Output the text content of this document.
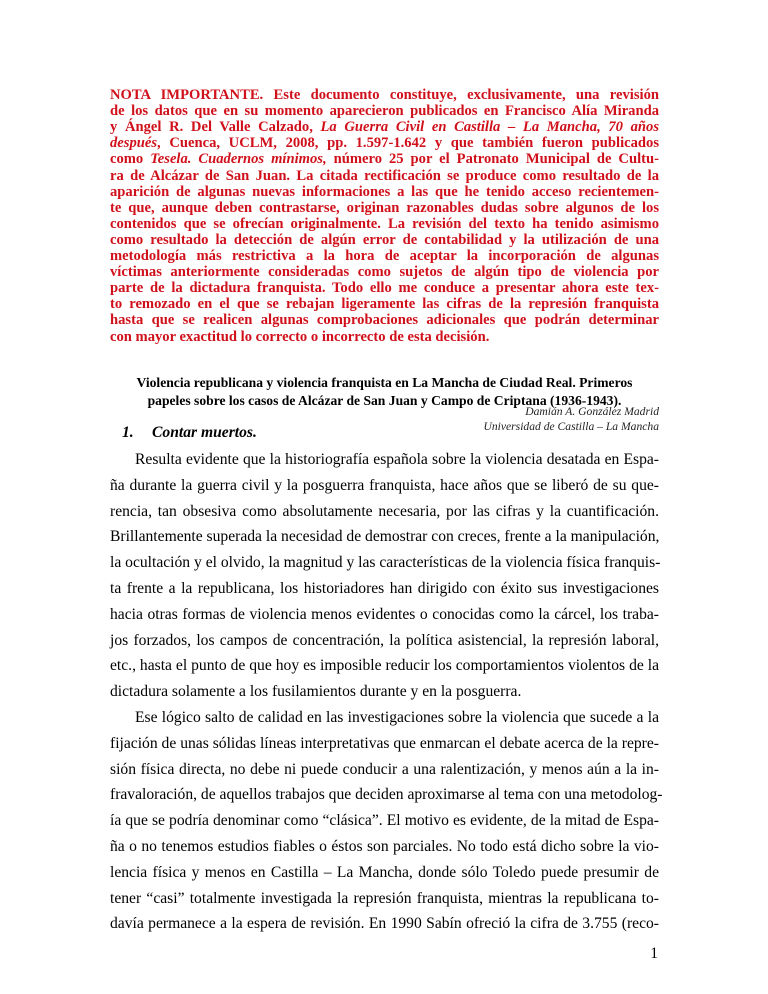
NOTA IMPORTANTE. Este documento constituye, exclusivamente, una revisión
de los datos que en su momento aparecieron publicados en Francisco Alía Miranda
y Ángel R. Del Valle Calzado, La Guerra Civil en Castilla – La Mancha, 70 años
después, Cuenca, UCLM, 2008, pp. 1.597-1.642 y que también fueron publicados
como Tesela. Cuadernos mínimos, número 25 por el Patronato Municipal de Cultu-
ra de Alcázar de San Juan. La citada rectificación se produce como resultado de la
aparición de algunas nuevas informaciones a las que he tenido acceso recientemen-
te que, aunque deben contrastarse, originan razonables dudas sobre algunos de los
contenidos que se ofrecían originalmente. La revisión del texto ha tenido asimismo
como resultado la detección de algún error de contabilidad y la utilización de una
metodología más restrictiva a la hora de aceptar la incorporación de algunas
víctimas anteriormente consideradas como sujetos de algún tipo de violencia por
parte de la dictadura franquista. Todo ello me conduce a presentar ahora este tex-
to remozado en el que se rebajan ligeramente las cifras de la represión franquista
hasta que se realicen algunas comprobaciones adicionales que podrán determinar
con mayor exactitud lo correcto o incorrecto de esta decisión.
Violencia republicana y violencia franquista en La Mancha de Ciudad Real. Primeros
papeles sobre los casos de Alcázar de San Juan y Campo de Criptana (1936-1943).
Damián A. González Madrid
Universidad de Castilla – La Mancha
1. Contar muertos.
Resulta evidente que la historiografía española sobre la violencia desatada en Espa-
ña durante la guerra civil y la posguerra franquista, hace años que se liberó de su que-
rencia, tan obsesiva como absolutamente necesaria, por las cifras y la cuantificación.
Brillantemente superada la necesidad de demostrar con creces, frente a la manipulación,
la ocultación y el olvido, la magnitud y las características de la violencia física franquis-
ta frente a la republicana, los historiadores han dirigido con éxito sus investigaciones
hacia otras formas de violencia menos evidentes o conocidas como la cárcel, los traba-
jos forzados, los campos de concentración, la política asistencial, la represión laboral,
etc., hasta el punto de que hoy es imposible reducir los comportamientos violentos de la
dictadura solamente a los fusilamientos durante y en la posguerra.
Ese lógico salto de calidad en las investigaciones sobre la violencia que sucede a la
fijación de unas sólidas líneas interpretativas que enmarcan el debate acerca de la repre-
sión física directa, no debe ni puede conducir a una ralentización, y menos aún a la in-
fravaloración, de aquellos trabajos que deciden aproximarse al tema con una metodolog-
ía que se podría denominar como “clásica”. El motivo es evidente, de la mitad de Espa-
ña o no tenemos estudios fiables o éstos son parciales. No todo está dicho sobre la vio-
lencia física y menos en Castilla – La Mancha, donde sólo Toledo puede presumir de
tener “casi” totalmente investigada la represión franquista, mientras la republicana to-
davía permanece a la espera de revisión. En 1990 Sabín ofreció la cifra de 3.755 (reco-
1
